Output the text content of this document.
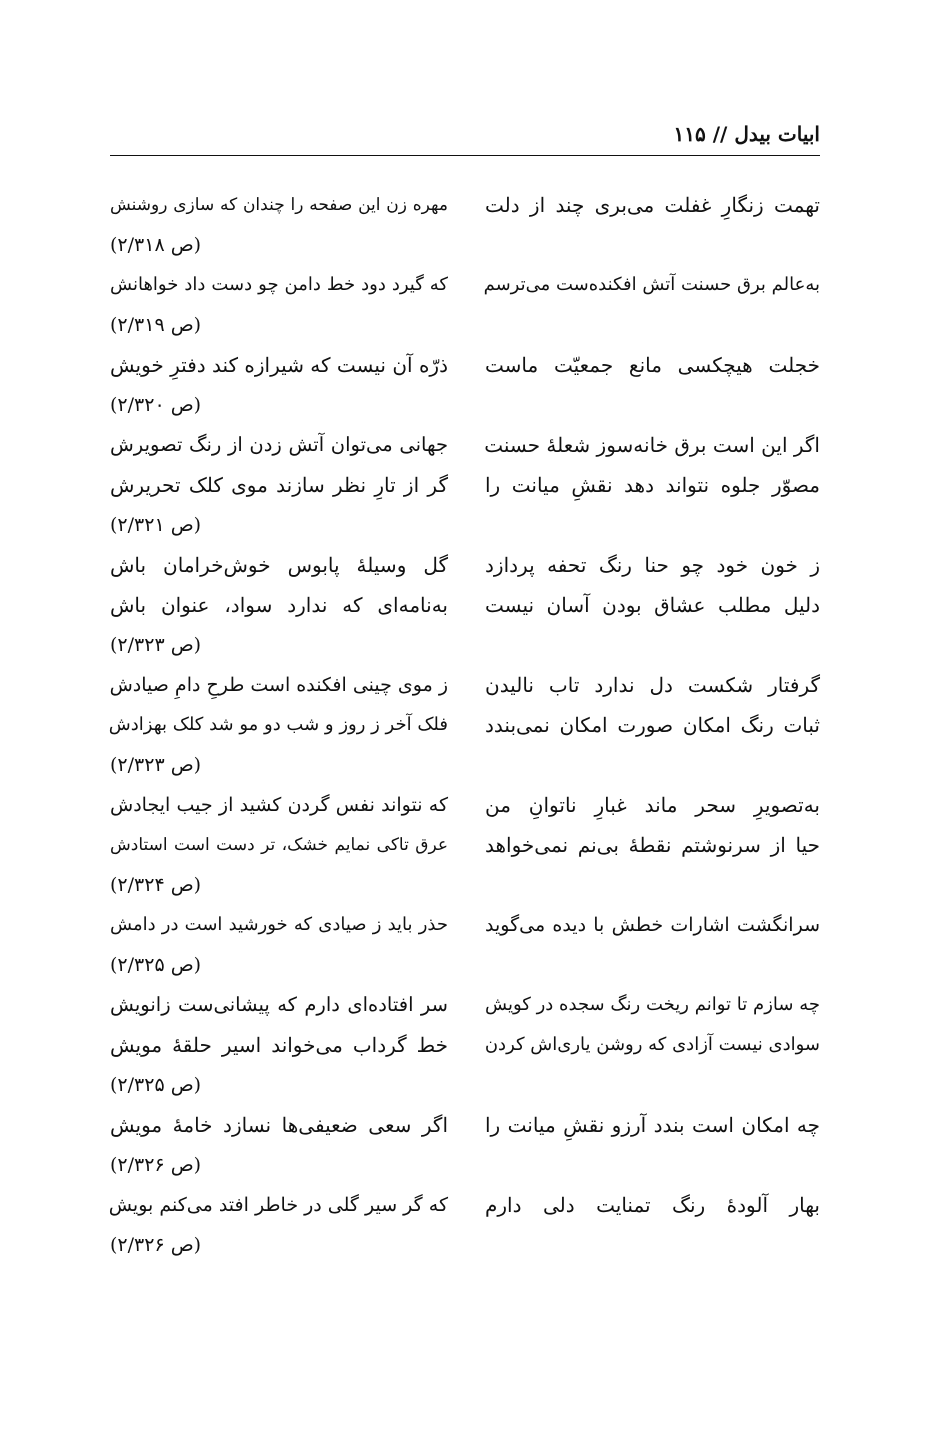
ابیات بیدل // ۱۱۵
تهمت زنگارِ غفلت می‌بری چند از دلت
مهره زن این صفحه را چندان که سازی روشنش
(ص ۲/۳۱۸)
به‌عالم برق حسنت آتش افکنده‌ست می‌ترسم
که گیرد دود خط دامن چو دست داد خواهانش
(ص ۲/۳۱۹)
خجلت هیچکسی مانع جمعیّت ماست
ذرّه آن نیست که شیرازه کند دفترِ خویش
(ص ۲/۳۲۰)
اگر این است برق خانه‌سوز شعلهٔ حسنت
جهانی می‌توان آتش زدن از رنگ تصویرش
مصوّر جلوه نتواند دهد نقشِ میانت را
گر از تارِ نظر سازند موی کلک تحریرش
(ص ۲/۳۲۱)
ز خون خود چو حنا رنگ تحفه پردازد
گل وسیلهٔ پابوس خوش‌خرامان باش
دلیل مطلب عشاق بودن آسان نیست
به‌نامه‌ای که ندارد سواد، عنوان باش
(ص ۲/۳۲۳)
گرفتار شکست دل ندارد تاب نالیدن
ز موی چینی افکنده است طرحِ دامِ صیادش
ثبات رنگ امکان صورت امکان نمی‌بندد
فلک آخر ز روز و شب دو مو شد کلک بهزادش
(ص ۲/۳۲۳)
به‌تصویرِ سحر ماند غبارِ ناتوانِ من
که نتواند نفس گردن کشید از جیب ایجادش
حیا از سرنوشتم نقطهٔ بی‌نم نمی‌خواهد
عرق تاکی نمایم خشک، تر دست است استادش
(ص ۲/۳۲۴)
سرانگشت اشارات خطش با دیده می‌گوید
حذر باید ز صیادی که خورشید است در دامش
(ص ۲/۳۲۵)
چه سازم تا توانم ریخت رنگ سجده در کویش
سر افتاده‌ای دارم که پیشانی‌ست زانویش
سوادی نیست آزادی که روشن یاری‌اش کردن
خط گرداب می‌خواند اسیر حلقهٔ مویش
(ص ۲/۳۲۵)
چه امکان است بندد آرزو نقشِ میانت را
اگر سعی ضعیفی‌ها نسازد خامهٔ مویش
(ص ۲/۳۲۶)
بهار آلودهٔ رنگ تمنایت دلی دارم
که گر سیر گلی در خاطر افتد می‌کنم بویش
(ص ۲/۳۲۶)
